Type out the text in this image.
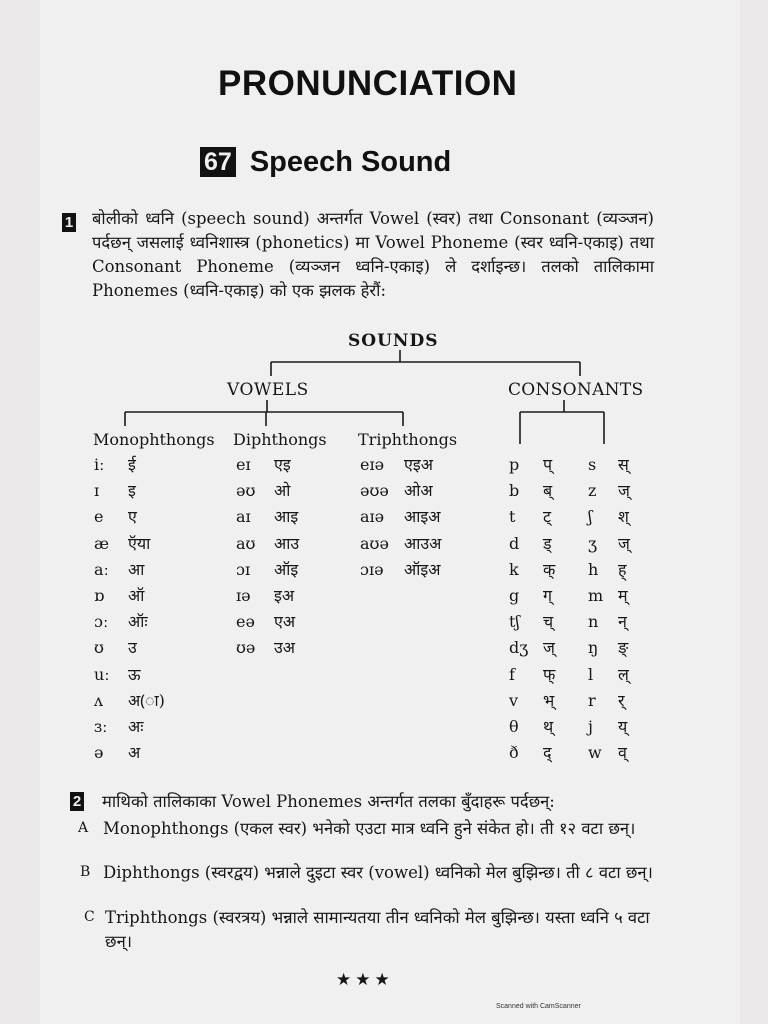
PRONUNCIATION
67 Speech Sound
1 बोलीको ध्वनि (speech sound) अन्तर्गत Vowel (स्वर) तथा Consonant (व्यञ्जन) पर्दछन् जसलाई ध्वनिशास्त्र (phonetics) मा Vowel Phoneme (स्वर ध्वनि-एकाइ) तथा Consonant Phoneme (व्यञ्जन ध्वनि-एकाइ) ले दर्शाइन्छ। तलको तालिकामा Phonemes (ध्वनि-एकाइ) को एक झलक हेरौं:
SOUNDS
VOWELS	CONSONANTS
Monophthongs Diphthongs Triphthongs
iː ई
ɪ इ
e ए
æ ऍया
aː आ
ɒ ऑ
ɔː ऑः
ʊ उ
uː ऊ
ʌ अ(ा)
ɜː अः
ə अ
eɪ एइ
əʊ ओ
aɪ आइ
aʊ आउ
ɔɪ ऑइ
ɪə इअ
eə एअ
ʊə उअ
eɪə एइअ
əʊə ओअ
aɪə आइअ
aʊə आउअ
ɔɪə ऑइअ
p प्
b ब्
t ट्
d ड्
k क्
g ग्
tʃ च्
dʒ ज्
f फ्
v भ्
θ थ्
ð द्
s स्
z ज्
ʃ श्
ʒ ज्
h ह्
m म्
n न्
ŋ ङ्
l ल्
r र्
j य्
w व्
2 माथिको तालिकाका Vowel Phonemes अन्तर्गत तलका बुँदाहरू पर्दछन्:
A Monophthongs (एकल स्वर) भनेको एउटा मात्र ध्वनि हुने संकेत हो। ती १२ वटा छन्।
B Diphthongs (स्वरद्वय) भन्नाले दुइटा स्वर (vowel) ध्वनिको मेल बुझिन्छ। ती ८ वटा छन्।
C Triphthongs (स्वरत्रय) भन्नाले सामान्यतया तीन ध्वनिको मेल बुझिन्छ। यस्ता ध्वनि ५ वटा छन्।
★★★
Scanned with CamScanner
